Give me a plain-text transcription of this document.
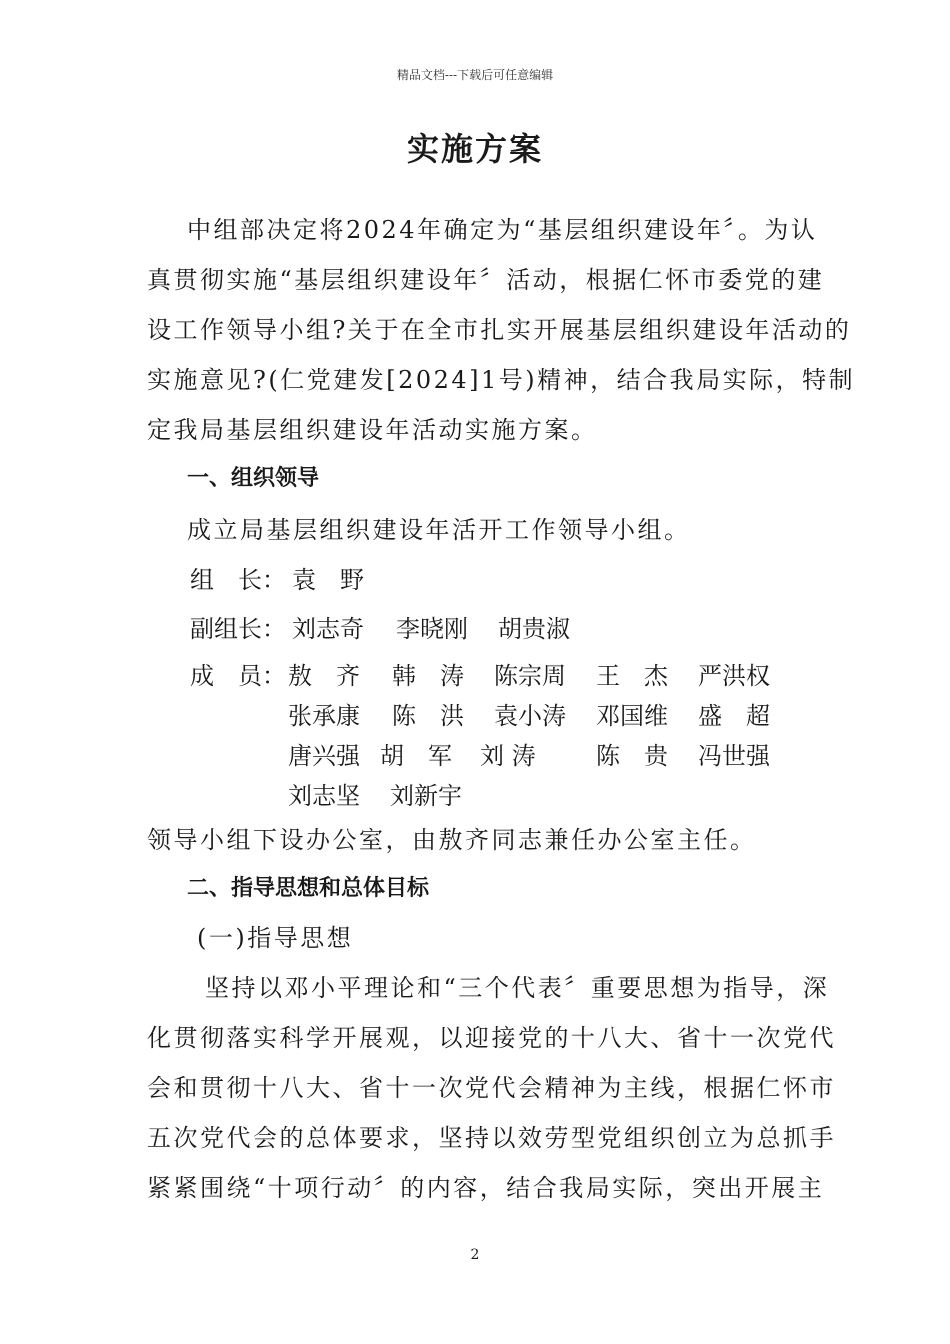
精品文档---下载后可任意编辑
实施方案
中组部决定将2024年确定为“基层组织建设年〞。为认
真贯彻实施“基层组织建设年〞活动，根据仁怀市委党的建
设工作领导小组?关于在全市扎实开展基层组织建设年活动的
实施意见?(仁党建发[2024]1号)精神，结合我局实际，特制
定我局基层组织建设年活动实施方案。
一、组织领导
成立局基层组织建设年活开工作领导小组。
组　长： 袁　野
副组长： 刘志奇 李晓刚 胡贵淑
成　员： 敖　齐 韩　涛 陈宗周 王　杰 严洪权
张承康 陈　洪 袁小涛 邓国维 盛　超
唐兴强 胡　军 刘 涛	陈　贵 冯世强
刘志坚 刘新宇
领导小组下设办公室，由敖齐同志兼任办公室主任。
二、指导思想和总体目标
(一)指导思想
坚持以邓小平理论和“三个代表〞重要思想为指导，深
化贯彻落实科学开展观，以迎接党的十八大、省十一次党代
会和贯彻十八大、省十一次党代会精神为主线，根据仁怀市
五次党代会的总体要求，坚持以效劳型党组织创立为总抓手
紧紧围绕“十项行动〞的内容，结合我局实际，突出开展主
2
